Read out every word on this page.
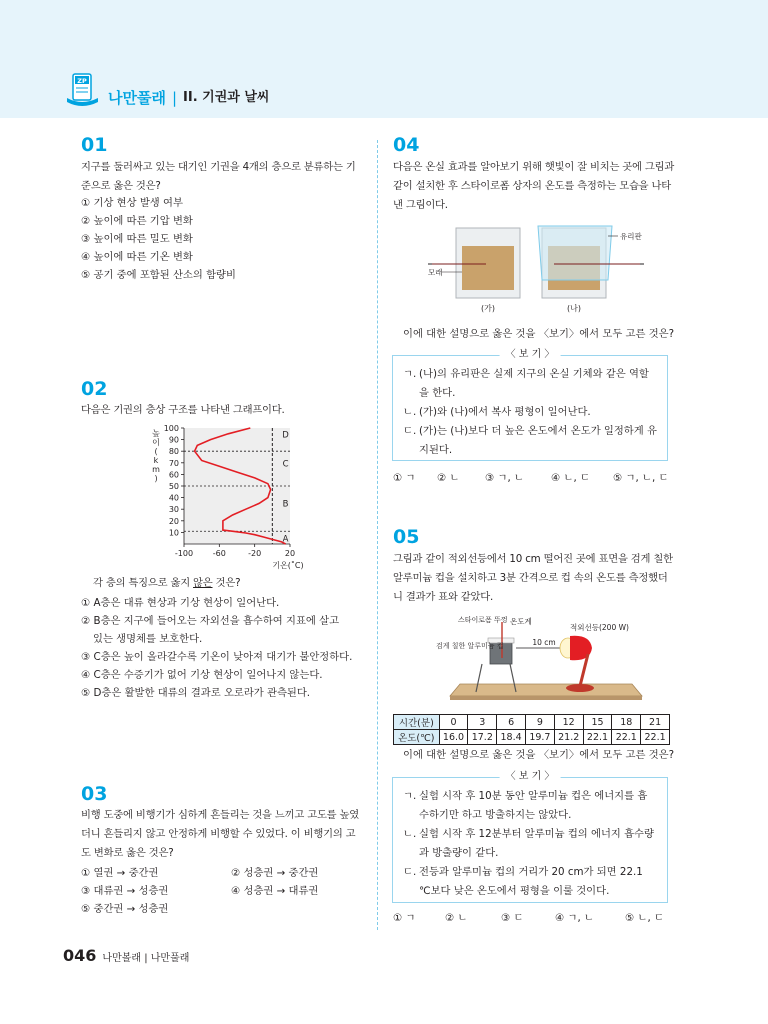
ZP
나만풀래 | II. 기권과 날씨
01
지구를 둘러싸고 있는 대기인 기권을 4개의 층으로 분류하는 기준으로 옳은 것은?
① 기상 현상 발생 여부
② 높이에 따른 기압 변화
③ 높이에 따른 밀도 변화
④ 높이에 따른 기온 변화
⑤ 공기 중에 포함된 산소의 함량비
02
다음은 기권의 층상 구조를 나타낸 그래프이다.
10
20
30
40
50
60
70
80
90
100
-100 -60	-20	20
A
B
C
D
높 이 ( k m )
기온(˚C)
각 층의 특징으로 옳지 않은 것은?
① A층은 대류 현상과 기상 현상이 일어난다.
② B층은 지구에 들어오는 자외선을 흡수하여 지표에 살고
있는 생명체를 보호한다.
③ C층은 높이 올라갈수록 기온이 낮아져 대기가 불안정하다.
④ C층은 수증기가 없어 기상 현상이 일어나지 않는다.
⑤ D층은 활발한 대류의 결과로 오로라가 관측된다.
03
비행 도중에 비행기가 심하게 흔들리는 것을 느끼고 고도를 높였더니 흔들리지 않고 안정하게 비행할 수 있었다. 이 비행기의 고도 변화로 옳은 것은?
① 열권 → 중간권	② 성층권 → 중간권
③ 대류권 → 성층권	④ 성층권 → 대류권
⑤ 중간권 → 성층권
04
다음은 온실 효과를 알아보기 위해 햇빛이 잘 비치는 곳에 그림과 같이 설치한 후 스타이로폼 상자의 온도를 측정하는 모습을 나타낸 그림이다.
모래
(가)
유리판
(나)
이에 대한 설명으로 옳은 것을 〈보기〉에서 모두 고른 것은?
〈 보 기 〉
ㄱ. (나)의 유리판은 실제 지구의 온실 기체와 같은 역할을 한다.
ㄴ. (가)와 (나)에서 복사 평형이 일어난다.
ㄷ. (가)는 (나)보다 더 높은 온도에서 온도가 일정하게 유지된다.
① ㄱ	② ㄴ	③ ㄱ, ㄴ	④ ㄴ, ㄷ	⑤ ㄱ, ㄴ, ㄷ
05
그림과 같이 적외선등에서 10 cm 떨어진 곳에 표면을 검게 칠한 알루미늄 컵을 설치하고 3분 간격으로 컵 속의 온도를 측정했더니 결과가 표와 같았다.
10 cm
적외선등(200 W)
스타이로폼 뚜껑 온도계
검게 칠한 알루미늄 컵
시간(분)	0	3	6	9	12	15	18	21
온도(℃)	16.0	17.2	18.4	19.7	21.2	22.1	22.1	22.1
이에 대한 설명으로 옳은 것을 〈보기〉에서 모두 고른 것은?
〈 보 기 〉
ㄱ. 실험 시작 후 10분 동안 알루미늄 컵은 에너지를 흡수하기만 하고 방출하지는 않았다.
ㄴ. 실험 시작 후 12분부터 알루미늄 컵의 에너지 흡수량과 방출량이 같다.
ㄷ. 전등과 알루미늄 컵의 거리가 20 cm가 되면 22.1 ℃보다 낮은 온도에서 평형을 이룰 것이다.
① ㄱ	② ㄴ	③ ㄷ	④ ㄱ, ㄴ	⑤ ㄴ, ㄷ
046 나만볼래 | 나만풀래
